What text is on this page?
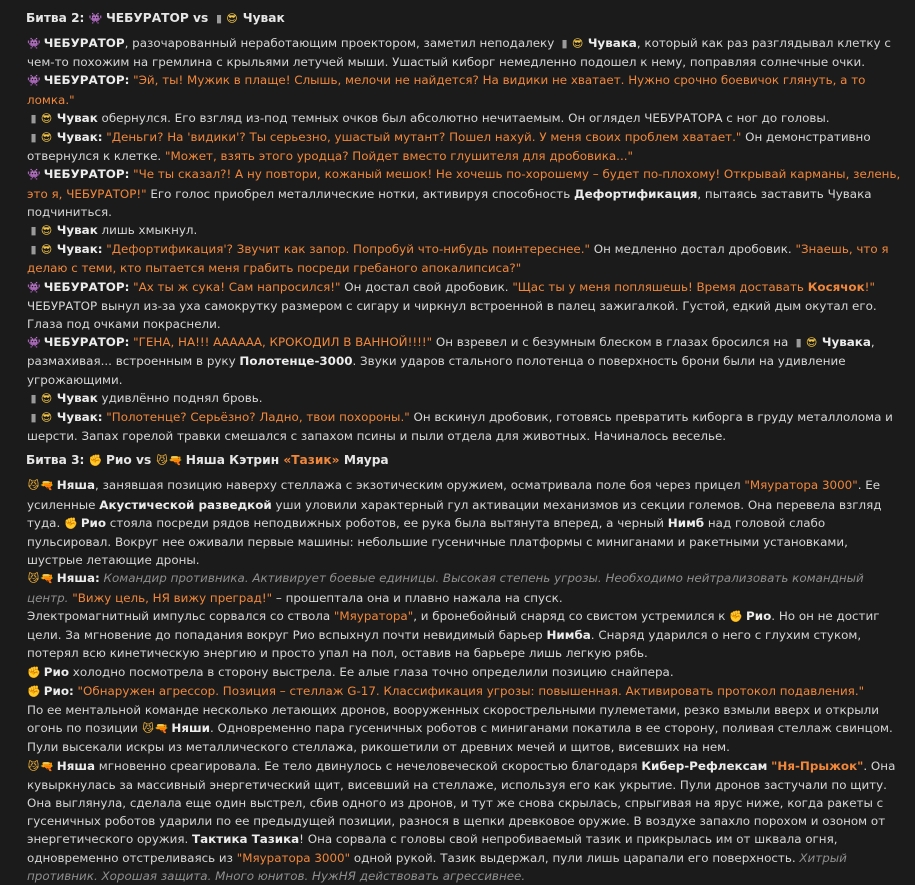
Битва 2: 👾 ЧЕБУРАТОР vs ▮ 😎 Чувак

👾 ЧЕБУРАТОР, разочарованный неработающим проектором, заметил неподалеку ▮ 😎 Чувака, который как раз разглядывал клетку с чем-то похожим на гремлина с крыльями летучей мыши. Ушастый киборг немедленно подошел к нему, поправляя солнечные очки.

👾 ЧЕБУРАТОР: "Эй, ты! Мужик в плаще! Слышь, мелочи не найдется? На видики не хватает. Нужно срочно боевичок глянуть, а то ломка."

▮ 😎 Чувак обернулся. Его взгляд из-под темных очков был абсолютно нечитаемым. Он оглядел ЧЕБУРАТОРА с ног до головы.

▮ 😎 Чувак: "Деньги? На 'видики'? Ты серьезно, ушастый мутант? Пошел нахуй. У меня своих проблем хватает." Он демонстративно отвернулся к клетке. "Может, взять этого уродца? Пойдет вместо глушителя для дробовика..."

👾 ЧЕБУРАТОР: "Че ты сказал?! А ну повтори, кожаный мешок! Не хочешь по-хорошему – будет по-плохому! Открывай карманы, зелень, это я, ЧЕБУРАТОР!" Его голос приобрел металлические нотки, активируя способность Дефортификация, пытаясь заставить Чувака подчиниться.

▮ 😎 Чувак лишь хмыкнул.

▮ 😎 Чувак: "Дефортификация'? Звучит как запор. Попробуй что-нибудь поинтереснее." Он медленно достал дробовик. "Знаешь, что я делаю с теми, кто пытается меня грабить посреди гребаного апокалипсиса?"

👾 ЧЕБУРАТОР: "Ах ты ж сука! Сам напросился!" Он достал свой дробовик. "Щас ты у меня попляшешь! Время доставать Косячок!"

ЧЕБУРАТОР вынул из-за уха самокрутку размером с сигару и чиркнул встроенной в палец зажигалкой. Густой, едкий дым окутал его. Глаза под очками покраснели.

👾 ЧЕБУРАТОР: "ГЕНА, НА!!! АААААА, КРОКОДИЛ В ВАННОЙ!!!!" Он взревел и с безумным блеском в глазах бросился на ▮ 😎 Чувака, размахивая... встроенным в руку Полотенце-3000. Звуки ударов стального полотенца о поверхность брони были на удивление угрожающими.

▮ 😎 Чувак удивлённо поднял бровь.

▮ 😎 Чувак: "Полотенце? Серьёзно? Ладно, твои похороны." Он вскинул дробовик, готовясь превратить киборга в груду металлолома и шерсти. Запах горелой травки смешался с запахом псины и пыли отдела для животных. Начиналось веселье.

Битва 3: ✊ Рио vs 😼🔫 Няша Кэтрин «Тазик» Мяура

😼🔫 Няша, занявшая позицию наверху стеллажа с экзотическим оружием, осматривала поле боя через прицел "Мяуратора 3000". Ее усиленные Акустической разведкой уши уловили характерный гул активации механизмов из секции големов. Она перевела взгляд туда. ✊ Рио стояла посреди рядов неподвижных роботов, ее рука была вытянута вперед, а черный Нимб над головой слабо пульсировал. Вокруг нее оживали первые машины: небольшие гусеничные платформы с миниганами и ракетными установками, шустрые летающие дроны.

😼🔫 Няша: Командир противника. Активирует боевые единицы. Высокая степень угрозы. Необходимо нейтрализовать командный центр. "Вижу цель, НЯ вижу преград!" – прошептала она и плавно нажала на спуск.

Электромагнитный импульс сорвался со ствола "Мяуратора", и бронебойный снаряд со свистом устремился к ✊ Рио. Но он не достиг цели. За мгновение до попадания вокруг Рио вспыхнул почти невидимый барьер Нимба. Снаряд ударился о него с глухим стуком, потерял всю кинетическую энергию и просто упал на пол, оставив на барьере лишь легкую рябь.

✊ Рио холодно посмотрела в сторону выстрела. Ее алые глаза точно определили позицию снайпера.

✊ Рио: "Обнаружен агрессор. Позиция – стеллаж G-17. Классификация угрозы: повышенная. Активировать протокол подавления."

По ее ментальной команде несколько летающих дронов, вооруженных скорострельными пулеметами, резко взмыли вверх и открыли огонь по позиции 😼🔫 Няши. Одновременно пара гусеничных роботов с миниганами покатила в ее сторону, поливая стеллаж свинцом. Пули высекали искры из металлического стеллажа, рикошетили от древних мечей и щитов, висевших на нем.

😼🔫 Няша мгновенно среагировала. Ее тело двинулось с нечеловеческой скоростью благодаря Кибер-Рефлексам "Ня-Прыжок". Она кувыркнулась за массивный энергетический щит, висевший на стеллаже, используя его как укрытие. Пули дронов застучали по щиту. Она выглянула, сделала еще один выстрел, сбив одного из дронов, и тут же снова скрылась, спрыгивая на ярус ниже, когда ракеты с гусеничных роботов ударили по ее предыдущей позиции, разнося в щепки древковое оружие. В воздухе запахло порохом и озоном от энергетического оружия. Тактика Тазика! Она сорвала с головы свой непробиваемый тазик и прикрылась им от шквала огня, одновременно отстреливаясь из "Мяуратора 3000" одной рукой. Тазик выдержал, пули лишь царапали его поверхность. Хитрый противник. Хорошая защита. Много юнитов. НужНЯ действовать агрессивнее.
